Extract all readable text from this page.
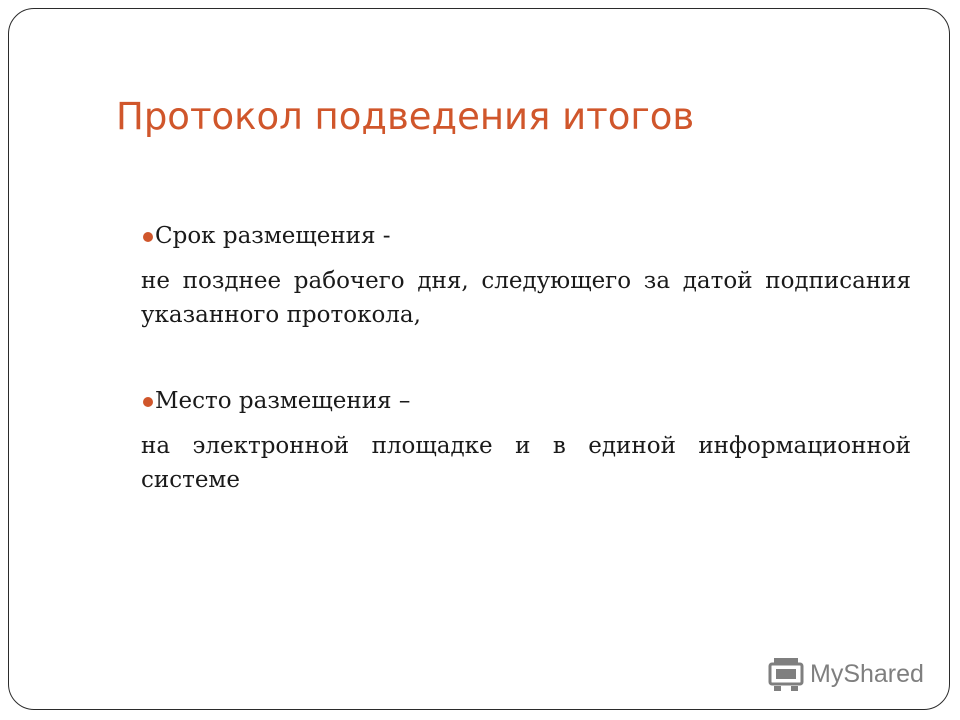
Протокол подведения итогов

Срок размещения -

не позднее рабочего дня, следующего за датой подписания указанного протокола,

Место размещения –

на электронной площадке и в единой информационной системе

MyShared
